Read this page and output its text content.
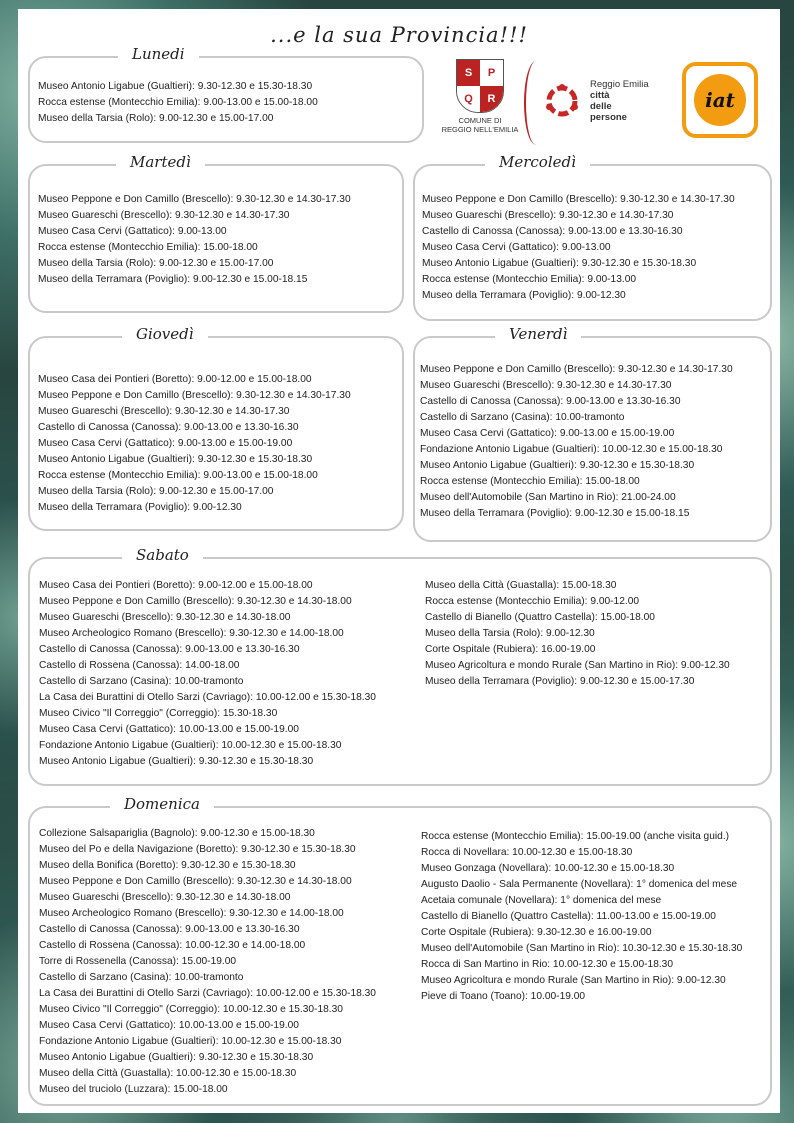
...e la sua Provincia!!!
Lunedi
Museo Antonio Ligabue (Gualtieri): 9.30-12.30 e 15.30-18.30
Rocca estense (Montecchio Emilia): 9.00-13.00 e 15.00-18.00
Museo della Tarsia (Rolo): 9.00-12.30 e 15.00-17.00
S	P
Q	R
COMUNE DI
REGGIO NELL'EMILIA
Reggio Emilia
città
delle persone
iat
Martedì
Museo Peppone e Don Camillo (Brescello): 9.30-12.30 e 14.30-17.30
Museo Guareschi (Brescello): 9.30-12.30 e 14.30-17.30
Museo Casa Cervi (Gattatico): 9.00-13.00
Rocca estense (Montecchio Emilia): 15.00-18.00
Museo della Tarsia (Rolo): 9.00-12.30 e 15.00-17.00
Museo della Terramara (Poviglio): 9.00-12.30 e 15.00-18.15
Mercoledì
Museo Peppone e Don Camillo (Brescello): 9.30-12.30 e 14.30-17.30
Museo Guareschi (Brescello): 9.30-12.30 e 14.30-17.30
Castello di Canossa (Canossa): 9.00-13.00 e 13.30-16.30
Museo Casa Cervi (Gattatico): 9.00-13.00
Museo Antonio Ligabue (Gualtieri): 9.30-12.30 e 15.30-18.30
Rocca estense (Montecchio Emilia): 9.00-13.00
Museo della Terramara (Poviglio): 9.00-12.30
Giovedì
Museo Casa dei Pontieri (Boretto): 9.00-12.00 e 15.00-18.00
Museo Peppone e Don Camillo (Brescello): 9.30-12.30 e 14.30-17.30
Museo Guareschi (Brescello): 9.30-12.30 e 14.30-17.30
Castello di Canossa (Canossa): 9.00-13.00 e 13.30-16.30
Museo Casa Cervi (Gattatico): 9.00-13.00 e 15.00-19.00
Museo Antonio Ligabue (Gualtieri): 9.30-12.30 e 15.30-18.30
Rocca estense (Montecchio Emilia): 9.00-13.00 e 15.00-18.00
Museo della Tarsia (Rolo): 9.00-12.30 e 15.00-17.00
Museo della Terramara (Poviglio): 9.00-12.30
Venerdì
Museo Peppone e Don Camillo (Brescello): 9.30-12.30 e 14.30-17.30
Museo Guareschi (Brescello): 9.30-12.30 e 14.30-17.30
Castello di Canossa (Canossa): 9.00-13.00 e 13.30-16.30
Castello di Sarzano (Casina): 10.00-tramonto
Museo Casa Cervi (Gattatico): 9.00-13.00 e 15.00-19.00
Fondazione Antonio Ligabue (Gualtieri): 10.00-12.30 e 15.00-18.30
Museo Antonio Ligabue (Gualtieri): 9.30-12.30 e 15.30-18.30
Rocca estense (Montecchio Emilia): 15.00-18.00
Museo dell'Automobile (San Martino in Rio): 21.00-24.00
Museo della Terramara (Poviglio): 9.00-12.30 e 15.00-18.15
Sabato
Museo Casa dei Pontieri (Boretto): 9.00-12.00 e 15.00-18.00
Museo Peppone e Don Camillo (Brescello): 9.30-12.30 e 14.30-18.00
Museo Guareschi (Brescello): 9.30-12.30 e 14.30-18.00
Museo Archeologico Romano (Brescello): 9.30-12.30 e 14.00-18.00
Castello di Canossa (Canossa): 9.00-13.00 e 13.30-16.30
Castello di Rossena (Canossa): 14.00-18.00
Castello di Sarzano (Casina): 10.00-tramonto
La Casa dei Burattini di Otello Sarzi (Cavriago): 10.00-12.00 e 15.30-18.30
Museo Civico "Il Correggio" (Correggio): 15.30-18.30
Museo Casa Cervi (Gattatico): 10.00-13.00 e 15.00-19.00
Fondazione Antonio Ligabue (Gualtieri): 10.00-12.30 e 15.00-18.30
Museo Antonio Ligabue (Gualtieri): 9.30-12.30 e 15.30-18.30
Museo della Città (Guastalla): 15.00-18.30
Rocca estense (Montecchio Emilia): 9.00-12.00
Castello di Bianello (Quattro Castella): 15.00-18.00
Museo della Tarsia (Rolo): 9.00-12.30
Corte Ospitale (Rubiera): 16.00-19.00
Museo Agricoltura e mondo Rurale (San Martino in Rio): 9.00-12.30
Museo della Terramara (Poviglio): 9.00-12.30 e 15.00-17.30
Domenica
Collezione Salsapariglia (Bagnolo): 9.00-12.30 e 15.00-18.30
Museo del Po e della Navigazione (Boretto): 9.30-12.30 e 15.30-18.30
Museo della Bonifica (Boretto): 9.30-12.30 e 15.30-18.30
Museo Peppone e Don Camillo (Brescello): 9.30-12.30 e 14.30-18.00
Museo Guareschi (Brescello): 9.30-12.30 e 14.30-18.00
Museo Archeologico Romano (Brescello): 9.30-12.30 e 14.00-18.00
Castello di Canossa (Canossa): 9.00-13.00 e 13.30-16.30
Castello di Rossena (Canossa): 10.00-12.30 e 14.00-18.00
Torre di Rossenella (Canossa): 15.00-19.00
Castello di Sarzano (Casina): 10.00-tramonto
La Casa dei Burattini di Otello Sarzi (Cavriago): 10.00-12.00 e 15.30-18.30
Museo Civico "Il Correggio" (Correggio): 10.00-12.30 e 15.30-18.30
Museo Casa Cervi (Gattatico): 10.00-13.00 e 15.00-19.00
Fondazione Antonio Ligabue (Gualtieri): 10.00-12.30 e 15.00-18.30
Museo Antonio Ligabue (Gualtieri): 9.30-12.30 e 15.30-18.30
Museo della Città (Guastalla): 10.00-12.30 e 15.00-18.30
Museo del truciolo (Luzzara): 15.00-18.00
Rocca estense (Montecchio Emilia): 15.00-19.00 (anche visita guid.)
Rocca di Novellara: 10.00-12.30 e 15.00-18.30
Museo Gonzaga (Novellara): 10.00-12.30 e 15.00-18.30
Augusto Daolio - Sala Permanente (Novellara): 1° domenica del mese
Acetaia comunale (Novellara): 1° domenica del mese
Castello di Bianello (Quattro Castella): 11.00-13.00 e 15.00-19.00
Corte Ospitale (Rubiera): 9.30-12.30 e 16.00-19.00
Museo dell'Automobile (San Martino in Rio): 10.30-12.30 e 15.30-18.30
Rocca di San Martino in Rio: 10.00-12.30 e 15.00-18.30
Museo Agricoltura e mondo Rurale (San Martino in Rio): 9.00-12.30
Pieve di Toano (Toano): 10.00-19.00
